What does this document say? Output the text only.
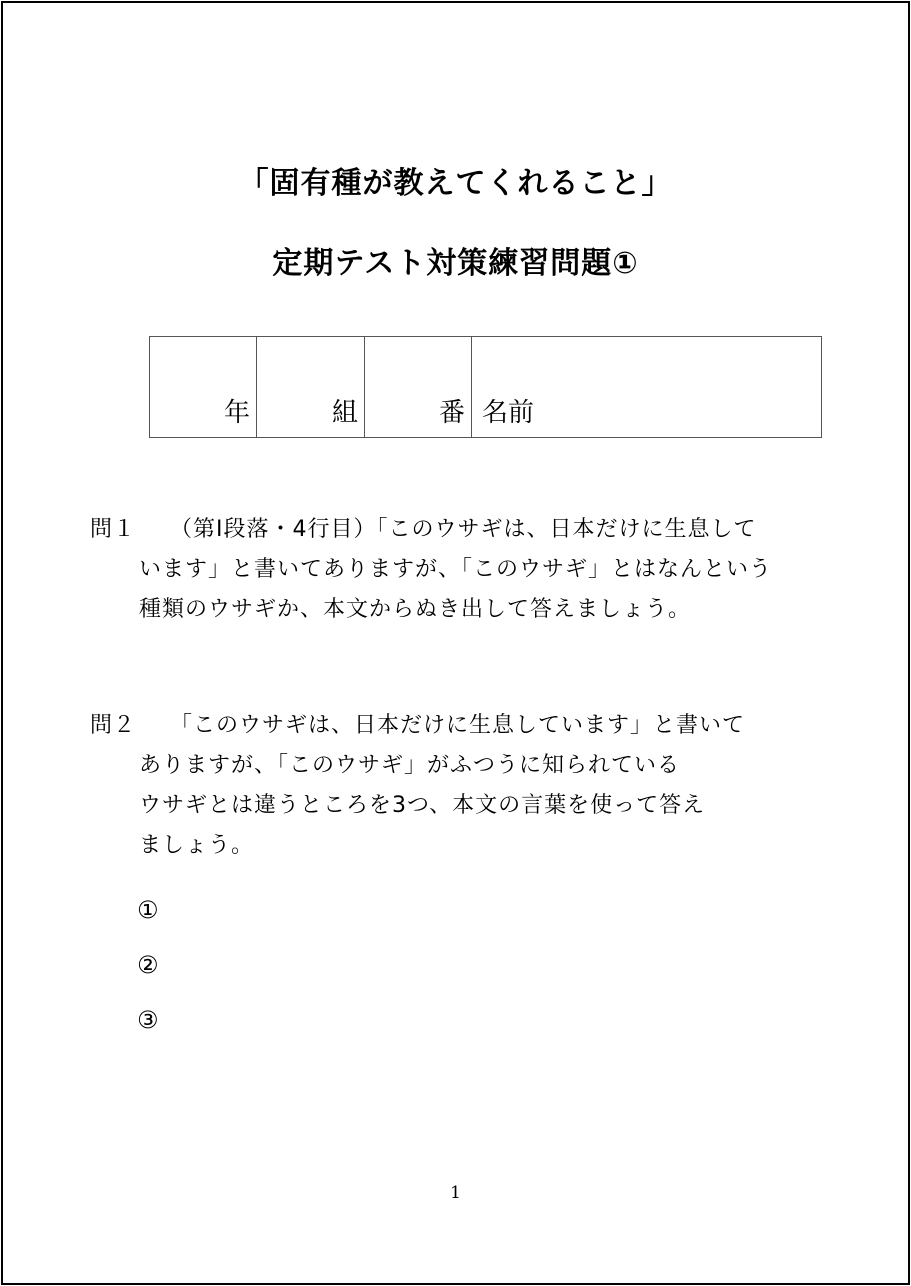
「固有種が教えてくれること」
定期テスト対策練習問題①
年	組	番	名前
問１ （第Ⅰ段落・4行目）「このウサギは、日本だけに生息して
います」と書いてありますが、「このウサギ」とはなんという
種類のウサギか、本文からぬき出して答えましょう。
問２ 「このウサギは、日本だけに生息しています」と書いて
ありますが、「このウサギ」がふつうに知られている
ウサギとは違うところを3つ、本文の言葉を使って答え
ましょう。
①
②
③
1
